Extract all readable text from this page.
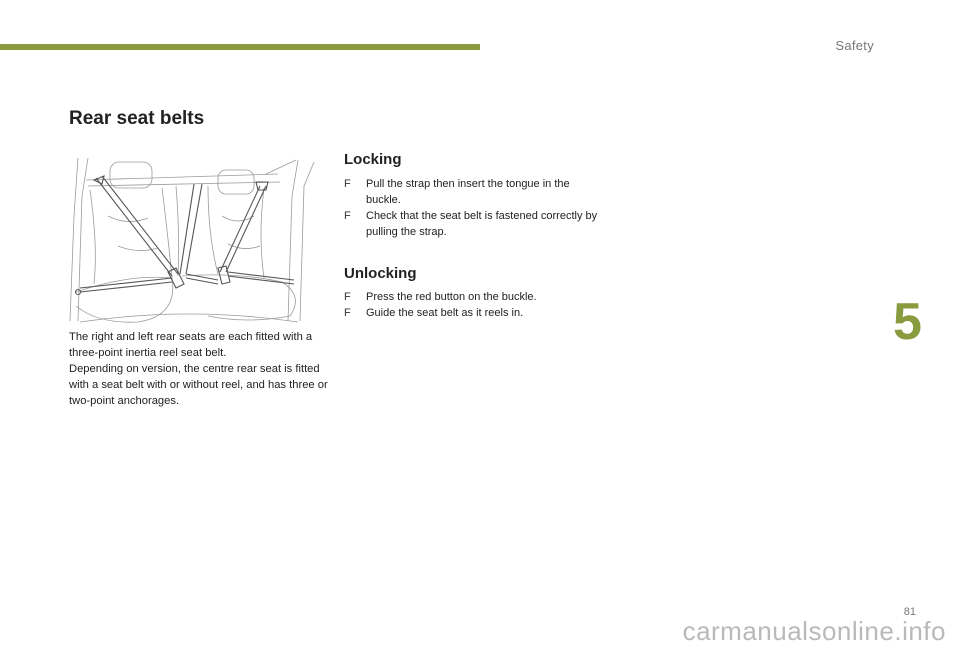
Safety
Rear seat belts

The right and left rear seats are each fitted with a three-point inertia reel seat belt.

Depending on version, the centre rear seat is fitted with a seat belt with or without reel, and has three or two-point anchorages.

Locking
F Pull the strap then insert the tongue in the buckle.
F Check that the seat belt is fastened correctly by pulling the strap.
Unlocking
F Press the red button on the buckle.
F Guide the seat belt as it reels in.	5
81
carmanualsonline.info
